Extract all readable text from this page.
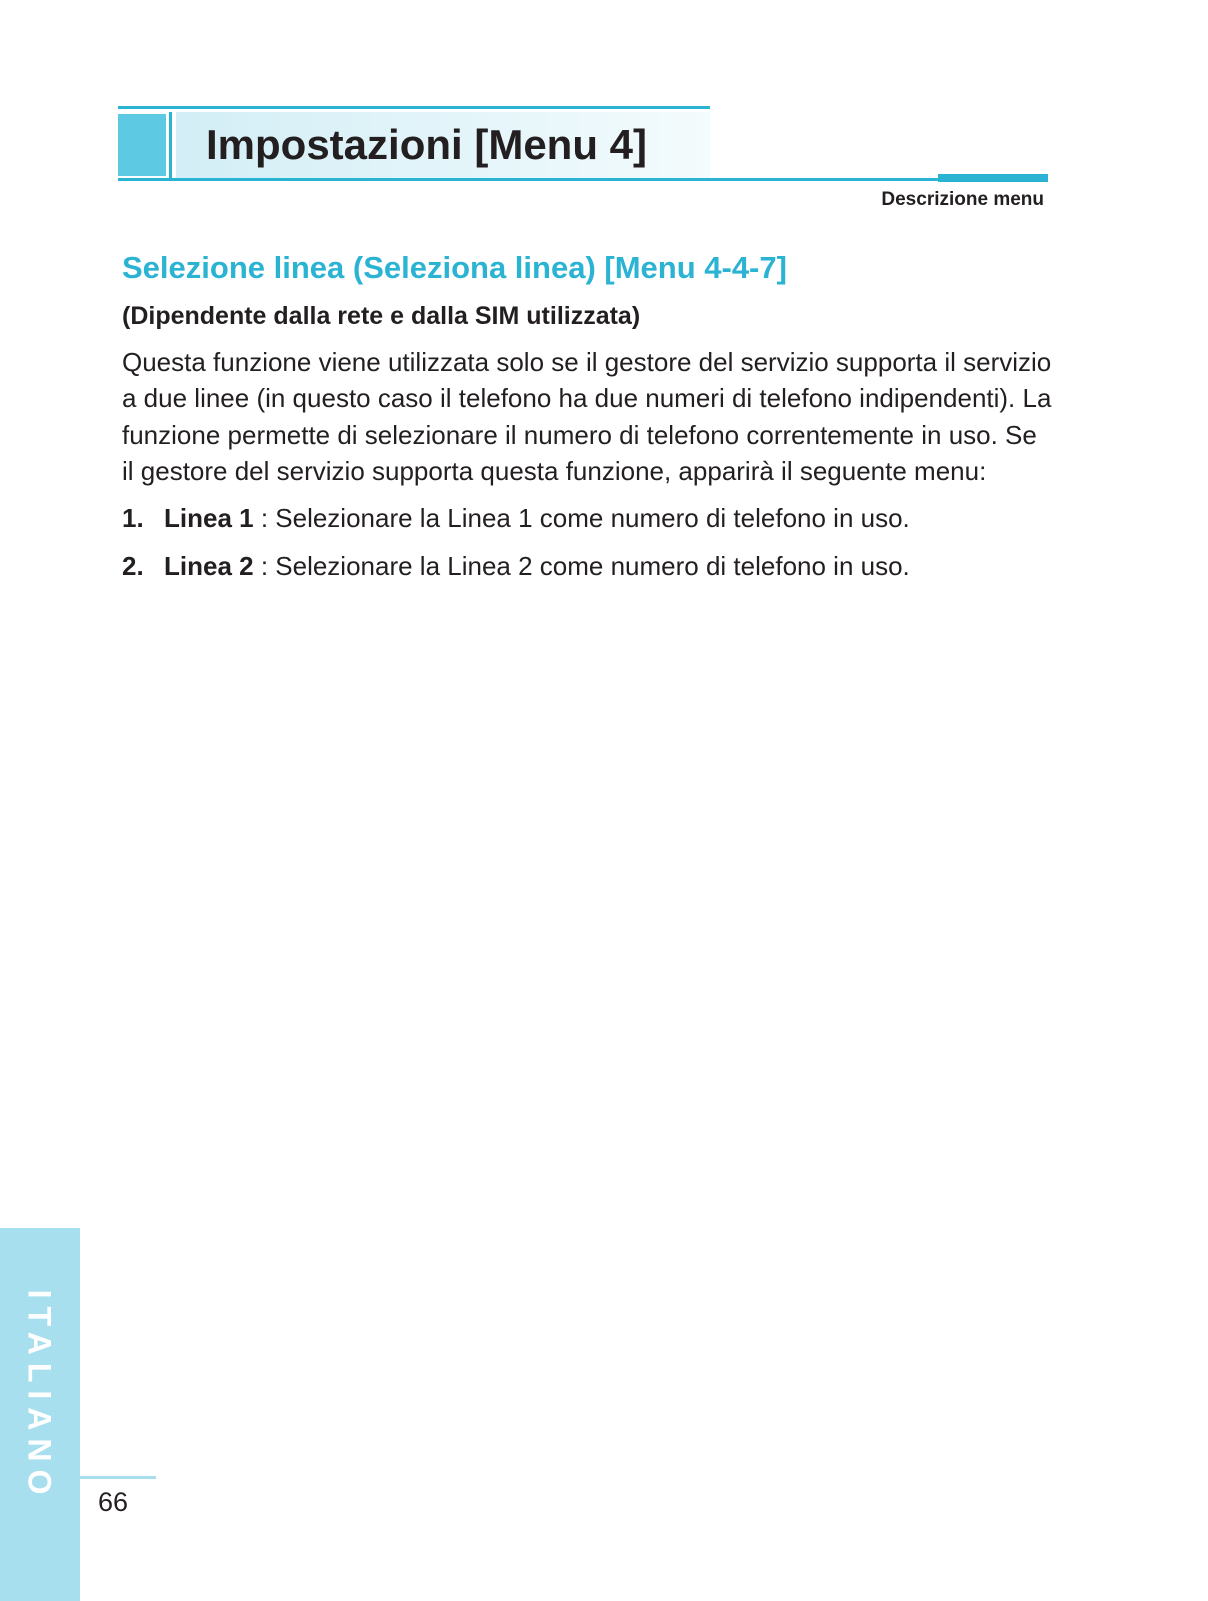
Impostazioni [Menu 4]
Descrizione menu
Selezione linea (Seleziona linea) [Menu 4-4-7]

(Dipendente dalla rete e dalla SIM utilizzata)

Questa funzione viene utilizzata solo se il gestore del servizio supporta il servizio a due linee (in questo caso il telefono ha due numeri di telefono indipendenti). La funzione permette di selezionare il numero di telefono correntemente in uso. Se il gestore del servizio supporta questa funzione, apparirà il seguente menu:

1. Linea 1 : Selezionare la Linea 1 come numero di telefono in uso.
2. Linea 2 : Selezionare la Linea 2 come numero di telefono in uso.
ITALIANO 66
